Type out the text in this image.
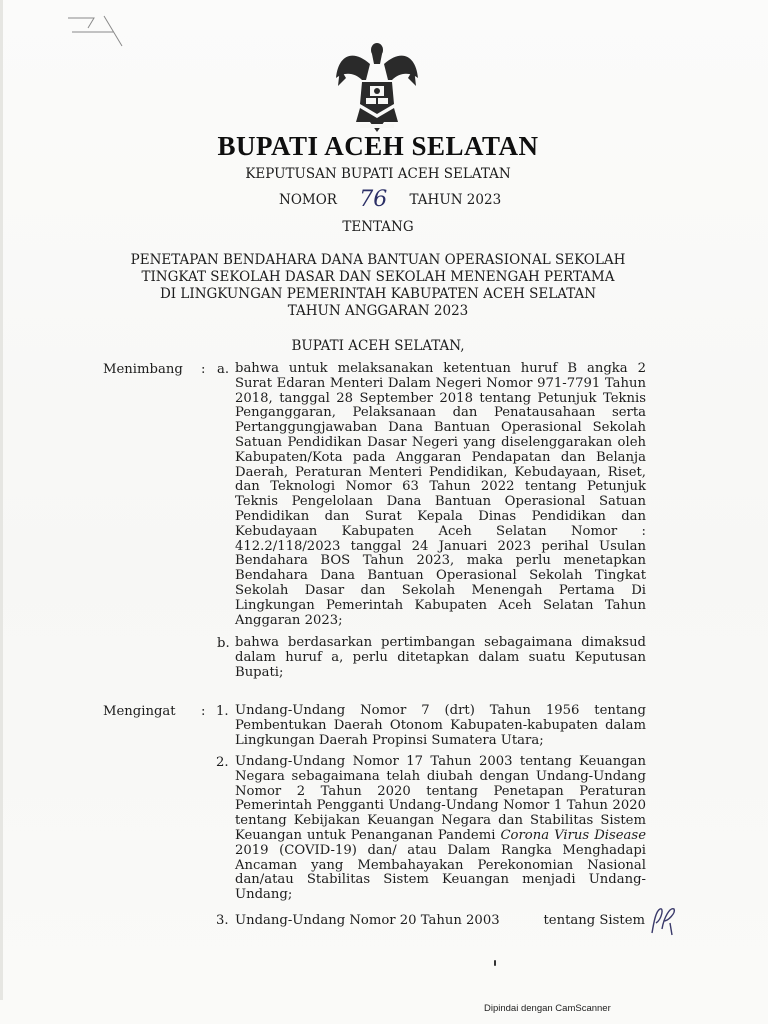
BUPATI ACEH SELATAN
KEPUTUSAN BUPATI ACEH SELATAN
NOMOR 76 TAHUN 2023
TENTANG
PENETAPAN BENDAHARA DANA BANTUAN OPERASIONAL SEKOLAH
TINGKAT SEKOLAH DASAR DAN SEKOLAH MENENGAH PERTAMA
DI LINGKUNGAN PEMERINTAH KABUPATEN ACEH SELATAN
TAHUN ANGGARAN 2023
BUPATI ACEH SELATAN,
Menimbang : a. bahwa untuk melaksanakan ketentuan huruf B angka 2
Surat Edaran Menteri Dalam Negeri Nomor 971-7791 Tahun
2018, tanggal 28 September 2018 tentang Petunjuk Teknis
Penganggaran, Pelaksanaan dan Penatausahaan serta
Pertanggungjawaban Dana Bantuan Operasional Sekolah
Satuan Pendidikan Dasar Negeri yang diselenggarakan oleh
Kabupaten/Kota pada Anggaran Pendapatan dan Belanja
Daerah, Peraturan Menteri Pendidikan, Kebudayaan, Riset,
dan Teknologi Nomor 63 Tahun 2022 tentang Petunjuk
Teknis Pengelolaan Dana Bantuan Operasional Satuan
Pendidikan dan Surat Kepala Dinas Pendidikan dan
Kebudayaan Kabupaten Aceh Selatan Nomor :
412.2/118/2023 tanggal 24 Januari 2023 perihal Usulan
Bendahara BOS Tahun 2023, maka perlu menetapkan
Bendahara Dana Bantuan Operasional Sekolah Tingkat
Sekolah Dasar dan Sekolah Menengah Pertama Di
Lingkungan Pemerintah Kabupaten Aceh Selatan Tahun
Anggaran 2023;
b. bahwa berdasarkan pertimbangan sebagaimana dimaksud
dalam huruf a, perlu ditetapkan dalam suatu Keputusan
Bupati;
Mengingat : 1. Undang-Undang Nomor 7 (drt) Tahun 1956 tentang
Pembentukan Daerah Otonom Kabupaten-kabupaten dalam
Lingkungan Daerah Propinsi Sumatera Utara;
2. Undang-Undang Nomor 17 Tahun 2003 tentang Keuangan
Negara sebagaimana telah diubah dengan Undang-Undang
Nomor 2 Tahun 2020 tentang Penetapan Peraturan
Pemerintah Pengganti Undang-Undang Nomor 1 Tahun 2020
tentang Kebijakan Keuangan Negara dan Stabilitas Sistem
Keuangan untuk Penanganan Pandemi Corona Virus Disease
2019 (COVID-19) dan/ atau Dalam Rangka Menghadapi
Ancaman yang Membahayakan Perekonomian Nasional
dan/atau Stabilitas Sistem Keuangan menjadi Undang-
Undang;
3. Undang-Undang Nomor 20 Tahun 2003	tentang Sistem
Dipindai dengan CamScanner
